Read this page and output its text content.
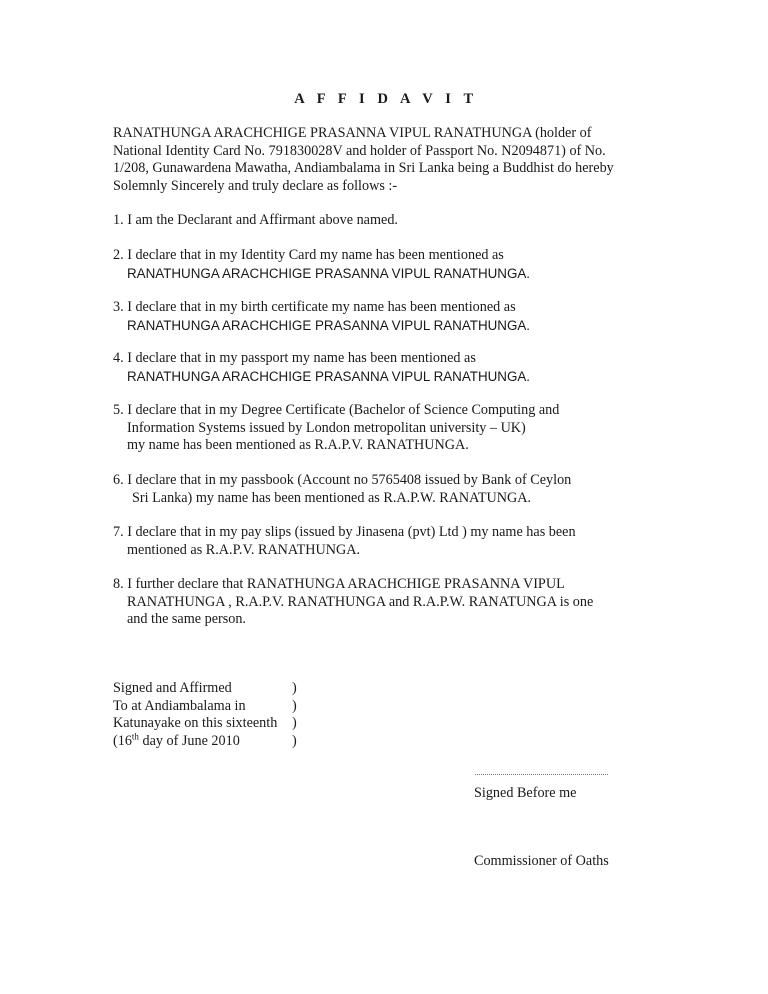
A F F I D A V I T
RANATHUNGA ARACHCHIGE PRASANNA VIPUL RANATHUNGA (holder of
National Identity Card No. 791830028V and holder of Passport No. N2094871) of No.
1/208, Gunawardena Mawatha, Andiambalama in Sri Lanka being a Buddhist do hereby
Solemnly Sincerely and truly declare as follows :-
1. I am the Declarant and Affirmant above named.
2. I declare that in my Identity Card my name has been mentioned as
RANATHUNGA ARACHCHIGE PRASANNA VIPUL RANATHUNGA.
3. I declare that in my birth certificate my name has been mentioned as
RANATHUNGA ARACHCHIGE PRASANNA VIPUL RANATHUNGA.
4. I declare that in my passport my name has been mentioned as
RANATHUNGA ARACHCHIGE PRASANNA VIPUL RANATHUNGA.
5. I declare that in my Degree Certificate (Bachelor of Science Computing and
Information Systems issued by London metropolitan university – UK)
my name has been mentioned as R.A.P.V. RANATHUNGA.
6. I declare that in my passbook (Account no 5765408 issued by Bank of Ceylon
Sri Lanka) my name has been mentioned as R.A.P.W. RANATUNGA.
7. I declare that in my pay slips (issued by Jinasena (pvt) Ltd ) my name has been
mentioned as R.A.P.V. RANATHUNGA.
8. I further declare that RANATHUNGA ARACHCHIGE PRASANNA VIPUL
RANATHUNGA , R.A.P.V. RANATHUNGA and R.A.P.W. RANATUNGA is one
and the same person.
Signed and Affirmed	)
To at Andiambalama in	)
Katunayake on this sixteenth )
(16th day of June 2010	)
Signed Before me
Commissioner of Oaths
